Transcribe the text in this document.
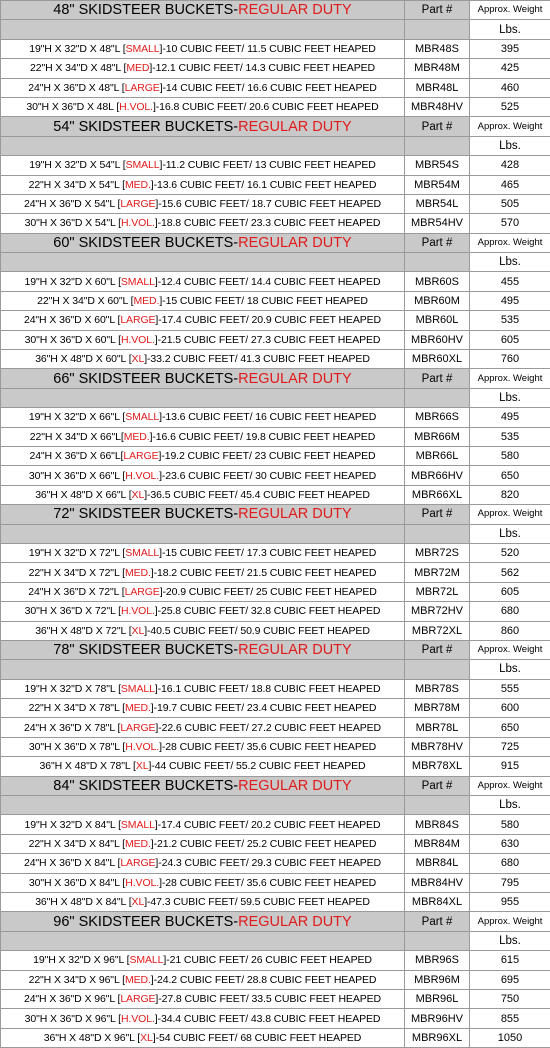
48" SKIDSTEER BUCKETS-REGULAR DUTY	Part #	Approx. Weight
		Lbs.
19"H X 32"D X 48"L [SMALL]-10 CUBIC FEET/ 11.5 CUBIC FEET HEAPED	MBR48S	395
22"H X 34"D X 48"L [MED]-12.1 CUBIC FEET/ 14.3 CUBIC FEET HEAPED	MBR48M	425
24"H X 36"D X 48"L [LARGE]-14 CUBIC FEET/ 16.6 CUBIC FEET HEAPED	MBR48L	460
30"H X 36"D X 48L [H.VOL.]-16.8 CUBIC FEET/ 20.6 CUBIC FEET HEAPED	MBR48HV	525
54" SKIDSTEER BUCKETS-REGULAR DUTY	Part #	Approx. Weight
		Lbs.
19"H X 32"D X 54"L [SMALL]-11.2 CUBIC FEET/ 13 CUBIC FEET HEAPED	MBR54S	428
22"H X 34"D X 54"L [MED.]-13.6 CUBIC FEET/ 16.1 CUBIC FEET HEAPED	MBR54M	465
24"H X 36"D X 54"L [LARGE]-15.6 CUBIC FEET/ 18.7 CUBIC FEET HEAPED	MBR54L	505
30"H X 36"D X 54"L [H.VOL.]-18.8 CUBIC FEET/ 23.3 CUBIC FEET HEAPED	MBR54HV	570
60" SKIDSTEER BUCKETS-REGULAR DUTY	Part #	Approx. Weight
		Lbs.
19"H X 32"D X 60"L [SMALL]-12.4 CUBIC FEET/ 14.4 CUBIC FEET HEAPED	MBR60S	455
22"H X 34"D X 60"L [MED.]-15 CUBIC FEET/ 18 CUBIC FEET HEAPED	MBR60M	495
24"H X 36"D X 60"L [LARGE]-17.4 CUBIC FEET/ 20.9 CUBIC FEET HEAPED	MBR60L	535
30"H X 36"D X 60"L [H.VOL.]-21.5 CUBIC FEET/ 27.3 CUBIC FEET HEAPED	MBR60HV	605
36"H X 48"D X 60"L [XL]-33.2 CUBIC FEET/ 41.3 CUBIC FEET HEAPED	MBR60XL	760
66" SKIDSTEER BUCKETS-REGULAR DUTY	Part #	Approx. Weight
		Lbs.
19"H X 32"D X 66"L [SMALL]-13.6 CUBIC FEET/ 16 CUBIC FEET HEAPED	MBR66S	495
22"H X 34"D X 66"L[MED.]-16.6 CUBIC FEET/ 19.8 CUBIC FEET HEAPED	MBR66M	535
24"H X 36"D X 66"L[LARGE]-19.2 CUBIC FEET/ 23 CUBIC FEET HEAPED	MBR66L	580
30"H X 36"D X 66"L [H.VOL.]-23.6 CUBIC FEET/ 30 CUBIC FEET HEAPED	MBR66HV	650
36"H X 48"D X 66"L [XL]-36.5 CUBIC FEET/ 45.4 CUBIC FEET HEAPED	MBR66XL	820
72" SKIDSTEER BUCKETS-REGULAR DUTY	Part #	Approx. Weight
		Lbs.
19"H X 32"D X 72"L [SMALL]-15 CUBIC FEET/ 17.3 CUBIC FEET HEAPED	MBR72S	520
22"H X 34"D X 72"L [MED.]-18.2 CUBIC FEET/ 21.5 CUBIC FEET HEAPED	MBR72M	562
24"H X 36"D X 72"L [LARGE]-20.9 CUBIC FEET/ 25 CUBIC FEET HEAPED	MBR72L	605
30"H X 36"D X 72"L [H.VOL.]-25.8 CUBIC FEET/ 32.8 CUBIC FEET HEAPED	MBR72HV	680
36"H X 48"D X 72"L [XL]-40.5 CUBIC FEET/ 50.9 CUBIC FEET HEAPED	MBR72XL	860
78" SKIDSTEER BUCKETS-REGULAR DUTY	Part #	Approx. Weight
		Lbs.
19"H X 32"D X 78"L [SMALL]-16.1 CUBIC FEET/ 18.8 CUBIC FEET HEAPED	MBR78S	555
22"H X 34"D X 78"L [MED.]-19.7 CUBIC FEET/ 23.4 CUBIC FEET HEAPED	MBR78M	600
24"H X 36"D X 78"L [LARGE]-22.6 CUBIC FEET/ 27.2 CUBIC FEET HEAPED	MBR78L	650
30"H X 36"D X 78"L [H.VOL.]-28 CUBIC FEET/ 35.6 CUBIC FEET HEAPED	MBR78HV	725
36"H X 48"D X 78"L [XL]-44 CUBIC FEET/ 55.2 CUBIC FEET HEAPED	MBR78XL	915
84" SKIDSTEER BUCKETS-REGULAR DUTY	Part #	Approx. Weight
		Lbs.
19"H X 32"D X 84"L [SMALL]-17.4 CUBIC FEET/ 20.2 CUBIC FEET HEAPED	MBR84S	580
22"H X 34"D X 84"L [MED.]-21.2 CUBIC FEET/ 25.2 CUBIC FEET HEAPED	MBR84M	630
24"H X 36"D X 84"L [LARGE]-24.3 CUBIC FEET/ 29.3 CUBIC FEET HEAPED	MBR84L	680
30"H X 36"D X 84"L [H.VOL.]-28 CUBIC FEET/ 35.6 CUBIC FEET HEAPED	MBR84HV	795
36"H X 48"D X 84"L [XL]-47.3 CUBIC FEET/ 59.5 CUBIC FEET HEAPED	MBR84XL	955
96" SKIDSTEER BUCKETS-REGULAR DUTY	Part #	Approx. Weight
		Lbs.
19"H X 32"D X 96"L [SMALL]-21 CUBIC FEET/ 26 CUBIC FEET HEAPED	MBR96S	615
22"H X 34"D X 96"L [MED.]-24.2 CUBIC FEET/ 28.8 CUBIC FEET HEAPED	MBR96M	695
24"H X 36"D X 96"L [LARGE]-27.8 CUBIC FEET/ 33.5 CUBIC FEET HEAPED	MBR96L	750
30"H X 36"D X 96"L [H.VOL.]-34.4 CUBIC FEET/ 43.8 CUBIC FEET HEAPED	MBR96HV	855
36"H X 48"D X 96"L [XL]-54 CUBIC FEET/ 68 CUBIC FEET HEAPED	MBR96XL	1050
